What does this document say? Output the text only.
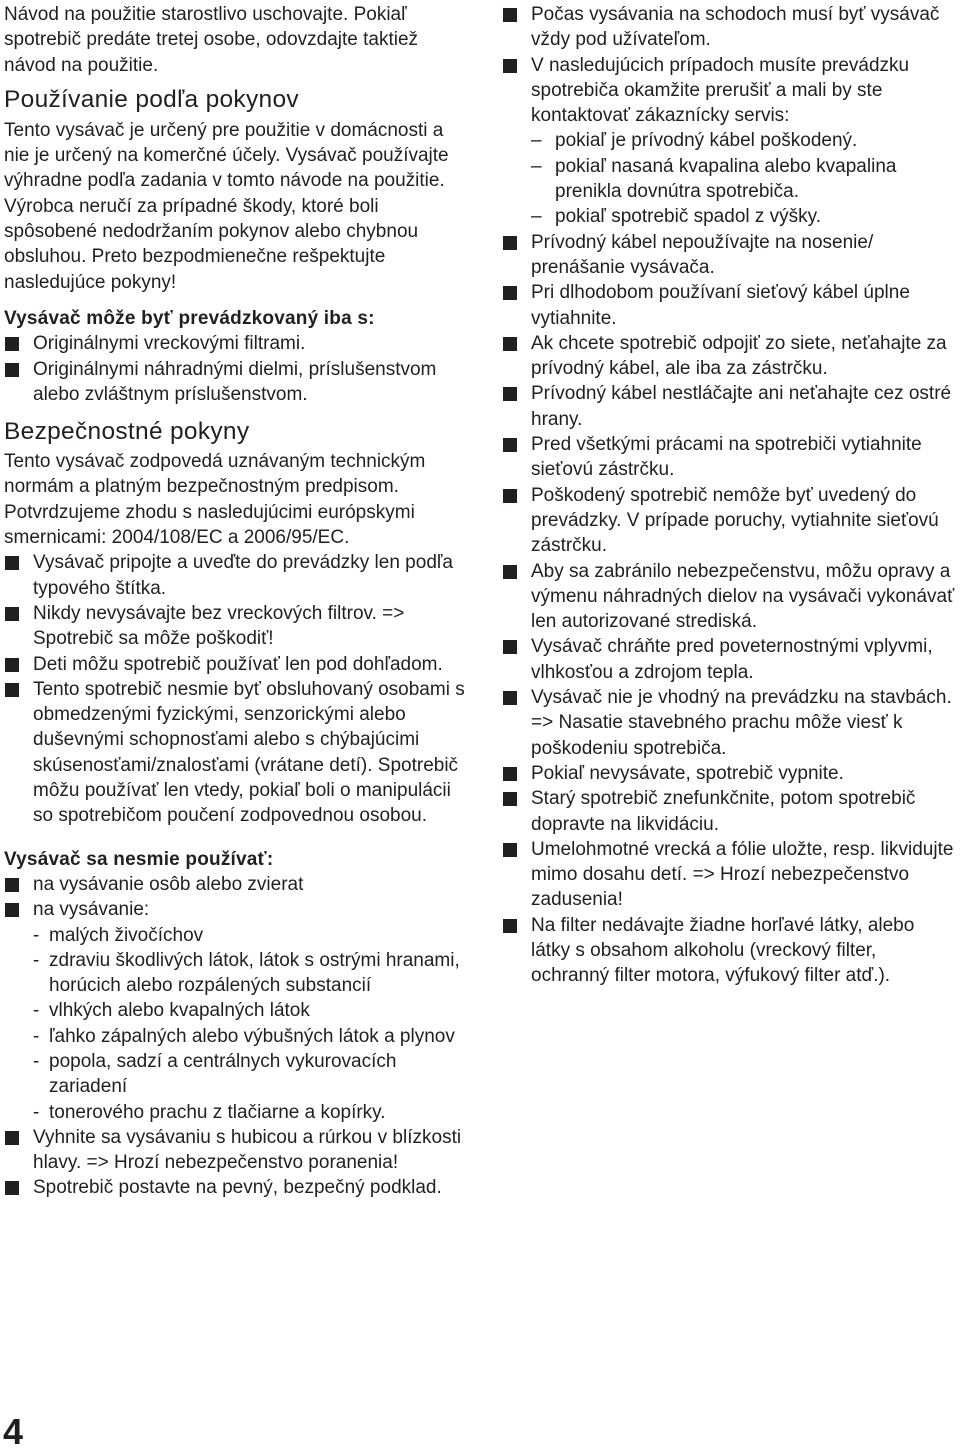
Návod na použitie starostlivo uschovajte. Pokiaľ spotrebič predáte tretej osobe, odovzdajte taktiež návod na použitie.

Používanie podľa pokynov

Tento vysávač je určený pre použitie v domácnosti a nie je určený na komerčné účely. Vysávač používajte výhradne podľa zadania v tomto návode na použitie. Výrobca neručí za prípadné škody, ktoré boli spôsobené nedodržaním pokynov alebo chybnou obsluhou. Preto bezpodmienečne rešpektujte nasledujúce pokyny!

Vysávač môže byť prevádzkovaný iba s:

Originálnymi vreckovými filtrami.
Originálnymi náhradnými dielmi, príslušenstvom alebo zvláštnym príslušenstvom.
Bezpečnostné pokyny

Tento vysávač zodpovedá uznávaným technickým normám a platným bezpečnostným predpisom. Potvrdzujeme zhodu s nasledujúcimi európskymi smernicami: 2004/108/EC a 2006/95/EC.

Vysávač pripojte a uveďte do prevádzky len podľa typového štítka.
Nikdy nevysávajte bez vreckových filtrov. => Spotrebič sa môže poškodiť!
Deti môžu spotrebič používať len pod dohľadom.
Tento spotrebič nesmie byť obsluhovaný osobami s obmedzenými fyzickými, senzorickými alebo duševnými schopnosťami alebo s chýbajúcimi skúsenosťami/znalosťami (vrátane detí). Spotrebič môžu používať len vtedy, pokiaľ boli o manipulácii so spotrebičom poučení zodpovednou osobou.

Vysávač sa nesmie používať:

na vysávanie osôb alebo zvierat
na vysávanie:
- malých živočíchov
- zdraviu škodlivých látok, látok s ostrými hranami, horúcich alebo rozpálených substancií
- vlhkých alebo kvapalných látok
- ľahko zápalných alebo výbušných látok a plynov
- popola, sadzí a centrálnych vykurovacích zariadení
- tonerového prachu z tlačiarne a kopírky.
Vyhnite sa vysávaniu s hubicou a rúrkou v blízkosti hlavy. => Hrozí nebezpečenstvo poranenia!
Spotrebič postavte na pevný, bezpečný podklad.
Počas vysávania na schodoch musí byť vysávač vždy pod užívateľom.
V nasledujúcich prípadoch musíte prevádzku spotrebiča okamžite prerušiť a mali by ste kontaktovať zákaznícky servis:
– pokiaľ je prívodný kábel poškodený.
– pokiaľ nasaná kvapalina alebo kvapalina prenikla dovnútra spotrebiča.
– pokiaľ spotrebič spadol z výšky.
Prívodný kábel nepoužívajte na nosenie/ prenášanie vysávača.
Pri dlhodobom používaní sieťový kábel úplne vytiahnite.
Ak chcete spotrebič odpojiť zo siete, neťahajte za prívodný kábel, ale iba za zástrčku.
Prívodný kábel nestláčajte ani neťahajte cez ostré hrany.
Pred všetkými prácami na spotrebiči vytiahnite sieťovú zástrčku.
Poškodený spotrebič nemôže byť uvedený do prevádzky. V prípade poruchy, vytiahnite sieťovú zástrčku.
Aby sa zabránilo nebezpečenstvu, môžu opravy a výmenu náhradných dielov na vysávači vykonávať len autorizované strediská.
Vysávač chráňte pred poveternostnými vplyvmi, vlhkosťou a zdrojom tepla.
Vysávač nie je vhodný na prevádzku na stavbách. => Nasatie stavebného prachu môže viesť k poškodeniu spotrebiča.
Pokiaľ nevysávate, spotrebič vypnite.
Starý spotrebič znefunkčnite, potom spotrebič dopravte na likvidáciu.
Umelohmotné vrecká a fólie uložte, resp. likvidujte mimo dosahu detí. => Hrozí nebezpečenstvo zadusenia!
Na filter nedávajte žiadne horľavé látky, alebo látky s obsahom alkoholu (vreckový filter, ochranný filter motora, výfukový filter atď.).
4
